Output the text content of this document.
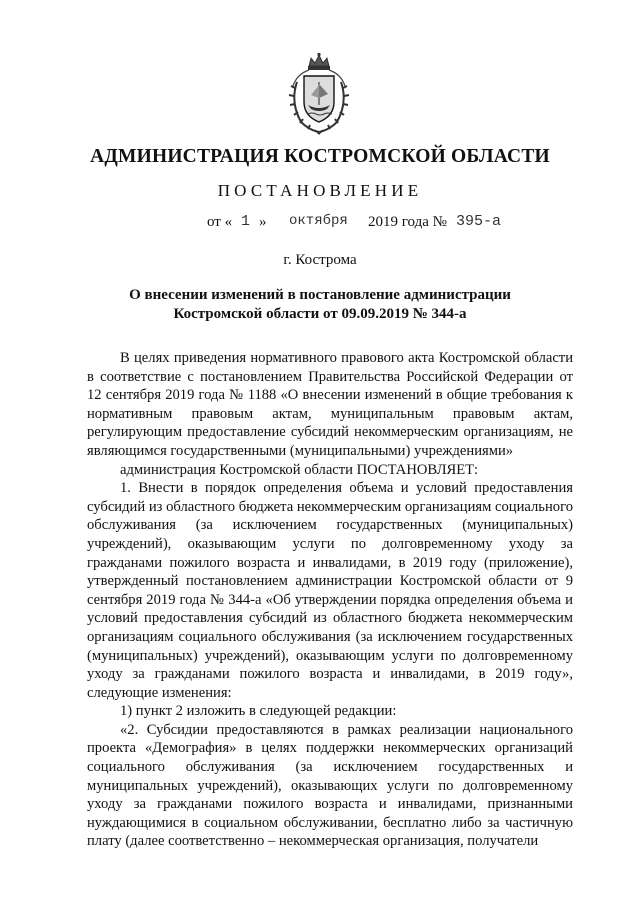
АДМИНИСТРАЦИЯ КОСТРОМСКОЙ ОБЛАСТИ
ПОСТАНОВЛЕНИЕ
от « 1 » октября 2019 года № 395-а
г. Кострома
О внесении изменений в постановление администрации
Костромской области от 09.09.2019 № 344-а

В целях приведения нормативного правового акта Костромской области в соответствие с постановлением Правительства Российской Федерации от 12 сентября 2019 года № 1188 «О внесении изменений в общие требования к нормативным правовым актам, муниципальным правовым актам, регулирующим предоставление субсидий некоммерческим организациям, не являющимся государственными (муниципальными) учреждениями»

администрация Костромской области ПОСТАНОВЛЯЕТ:

1. Внести в порядок определения объема и условий предоставления субсидий из областного бюджета некоммерческим организациям социального обслуживания (за исключением государственных (муниципальных) учреждений), оказывающим услуги по долговременному уходу за гражданами пожилого возраста и инвалидами, в 2019 году (приложение), утвержденный постановлением администрации Костромской области от 9 сентября 2019 года № 344-а «Об утверждении порядка определения объема и условий предоставления субсидий из областного бюджета некоммерческим организациям социального обслуживания (за исключением государственных (муниципальных) учреждений), оказывающим услуги по долговременному уходу за гражданами пожилого возраста и инвалидами, в 2019 году», следующие изменения:

1) пункт 2 изложить в следующей редакции:

«2. Субсидии предоставляются в рамках реализации национального проекта «Демография» в целях поддержки некоммерческих организаций социального обслуживания (за исключением государственных и муниципальных учреждений), оказывающих услуги по долговременному уходу за гражданами пожилого возраста и инвалидами, признанными нуждающимися в социальном обслуживании, бесплатно либо за частичную плату (далее соответственно – некоммерческая организация, получатели
